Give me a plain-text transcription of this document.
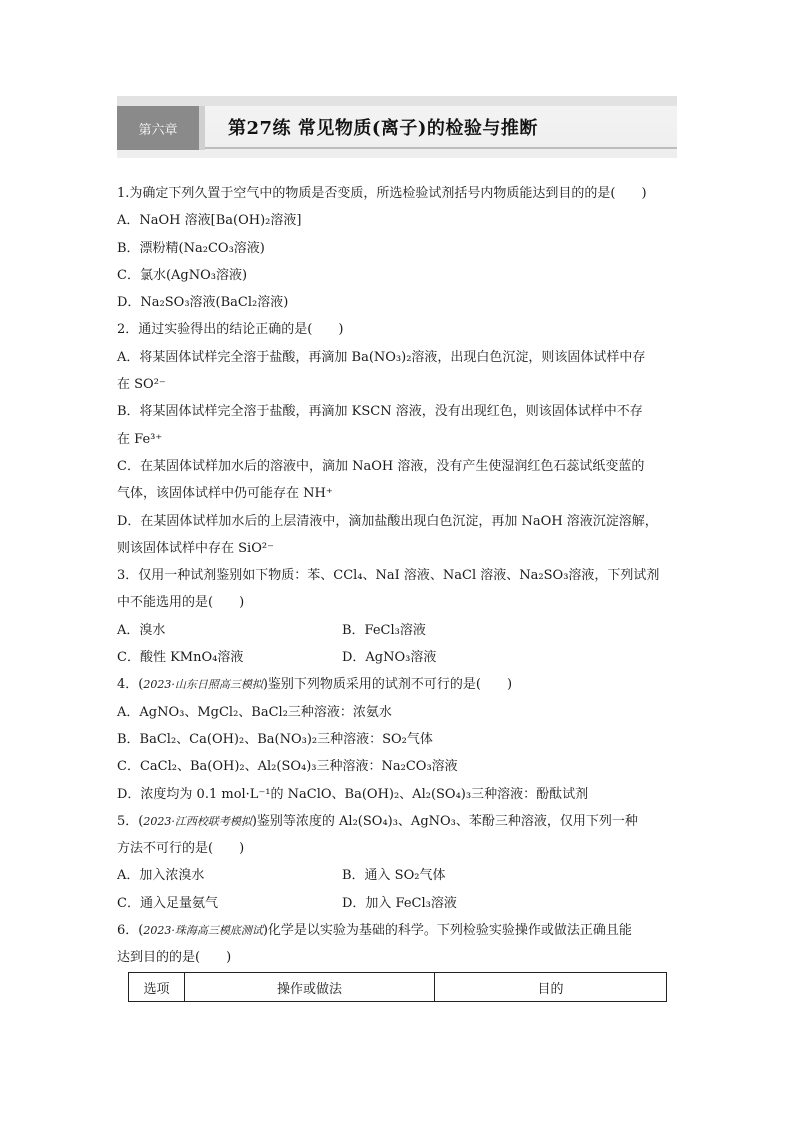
第六章	第27练 常见物质(离子)的检验与推断
1.为确定下列久置于空气中的物质是否变质，所选检验试剂括号内物质能达到目的的是(　　)
A．NaOH 溶液[Ba(OH)₂溶液]
B．漂粉精(Na₂CO₃溶液)
C．氯水(AgNO₃溶液)
D．Na₂SO₃溶液(BaCl₂溶液)
2．通过实验得出的结论正确的是(　　)
A．将某固体试样完全溶于盐酸，再滴加 Ba(NO₃)₂溶液，出现白色沉淀，则该固体试样中存
在 SO²⁻
B．将某固体试样完全溶于盐酸，再滴加 KSCN 溶液，没有出现红色，则该固体试样中不存
在 Fe³⁺
C．在某固体试样加水后的溶液中，滴加 NaOH 溶液，没有产生使湿润红色石蕊试纸变蓝的
气体，该固体试样中仍可能存在 NH⁺
D．在某固体试样加水后的上层清液中，滴加盐酸出现白色沉淀，再加 NaOH 溶液沉淀溶解，
则该固体试样中存在 SiO²⁻
3．仅用一种试剂鉴别如下物质：苯、CCl₄、NaI 溶液、NaCl 溶液、Na₂SO₃溶液，下列试剂
中不能选用的是(　　)
A．溴水	B．FeCl₃溶液
C．酸性 KMnO₄溶液	D．AgNO₃溶液
4．(2023·山东日照高三模拟)鉴别下列物质采用的试剂不可行的是(　　)
A．AgNO₃、MgCl₂、BaCl₂三种溶液：浓氨水
B．BaCl₂、Ca(OH)₂、Ba(NO₃)₂三种溶液：SO₂气体
C．CaCl₂、Ba(OH)₂、Al₂(SO₄)₃三种溶液：Na₂CO₃溶液
D．浓度均为 0.1 mol·L⁻¹的 NaClO、Ba(OH)₂、Al₂(SO₄)₃三种溶液：酚酞试剂
5．(2023·江西校联考模拟)鉴别等浓度的 Al₂(SO₄)₃、AgNO₃、苯酚三种溶液，仅用下列一种
方法不可行的是(　　)
A．加入浓溴水	B．通入 SO₂气体
C．通入足量氨气	D．加入 FeCl₃溶液
6．(2023·珠海高三模底测试)化学是以实验为基础的科学。下列检验实验操作或做法正确且能
达到目的的是(　　)
选项	操作或做法	目的
